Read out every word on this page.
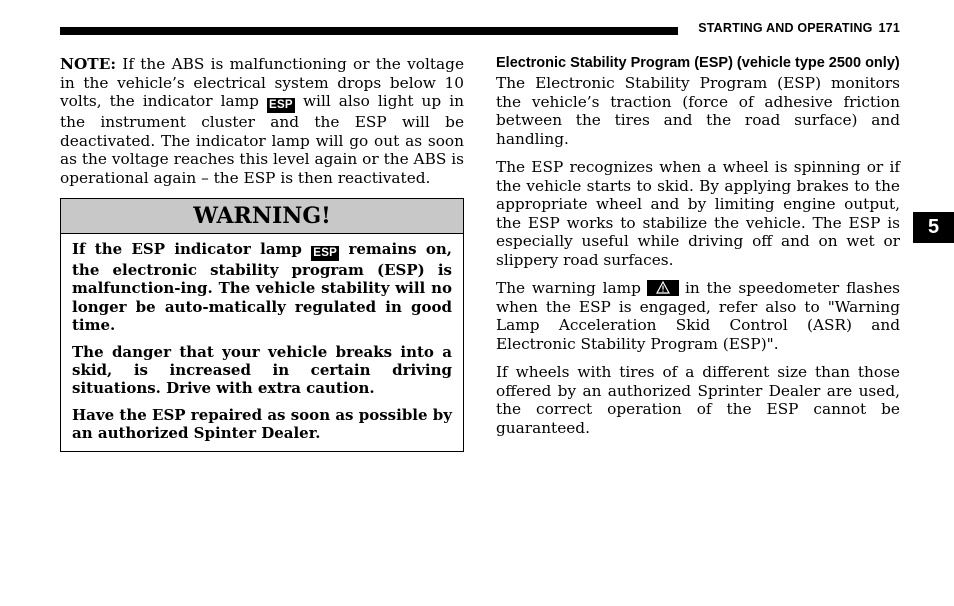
STARTING AND OPERATING 171
5

NOTE: If the ABS is malfunctioning or the voltage in the vehicle’s electrical system drops below 10 volts, the indicator lamp ESP will also light up in the instrument cluster and the ESP will be deactivated. The indicator lamp will go out as soon as the voltage reaches this level again or the ABS is operational again – the ESP is then reactivated.

WARNING!

If the ESP indicator lamp ESP remains on, the electronic stability program (ESP) is malfunction-ing. The vehicle stability will no longer be auto-matically regulated in good time.

The danger that your vehicle breaks into a skid, is increased in certain driving situations. Drive with extra caution.

Have the ESP repaired as soon as possible by an authorized Spinter Dealer.

Electronic Stability Program (ESP) (vehicle type 2500 only)

The Electronic Stability Program (ESP) monitors the vehicle’s traction (force of adhesive friction between the tires and the road surface) and handling.

The ESP recognizes when a wheel is spinning or if the vehicle starts to skid. By applying brakes to the appropriate wheel and by limiting engine output, the ESP works to stabilize the vehicle. The ESP is especially useful while driving off and on wet or slippery road surfaces.

The warning lamp	in the speedometer flashes when the ESP is engaged, refer also to "Warning Lamp Acceleration Skid Control (ASR) and Electronic Stability Program (ESP)".

If wheels with tires of a different size than those offered by an authorized Sprinter Dealer are used, the correct operation of the ESP cannot be guaranteed.
